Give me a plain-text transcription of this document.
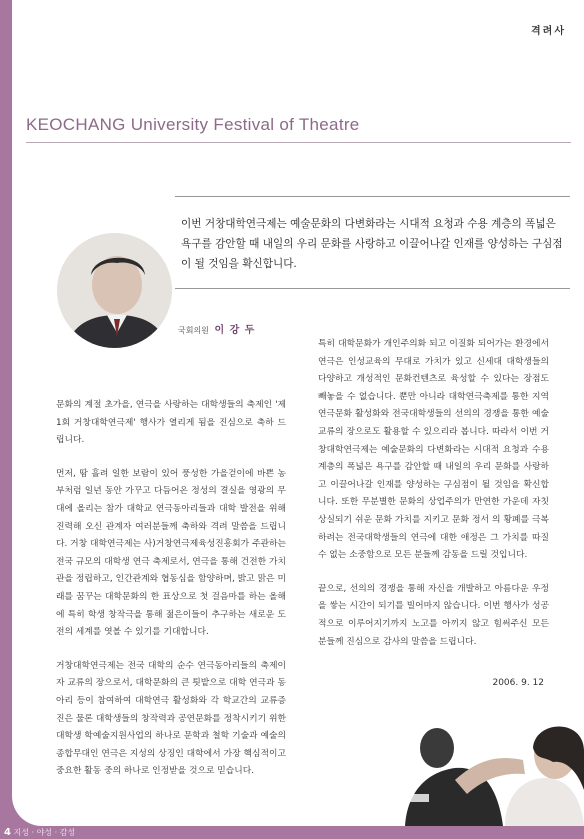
격려사
KEOCHANG University Festival of Theatre
이번 거창대학연극제는 예술문화의 다변화라는 시대적 요청과 수용 계층의 폭넓은 욕구를 감안할 때 내일의 우리 문화를 사랑하고 이끌어나갈 인재를 양성하는 구심점이 될 것임을 확신합니다.
국회의원 이 강 두

특히 대학문화가 개인주의화 되고 이질화 되어가는 환경에서 연극은 인성교육의 무대로 가치가 있고 신세대 대학생들의 다양하고 개성적인 문화컨텐츠로 육성할 수 있다는 장점도 빼놓을 수 없습니다. 뿐만 아니라 대학연극축제를 통한 지역연극문화 활성화와 전국대학생들의 선의의 경쟁을 통한 예술교류의 장으로도 활용할 수 있으리라 봅니다. 따라서 이번 거창대학연극제는 예술문화의 다변화라는 시대적 요청과 수용 계층의 폭넓은 욕구를 감안할 때 내일의 우리 문화를 사랑하고 이끌어나갈 인재를 양성하는 구심점이 될 것임을 확신합니다. 또한 무분별한 문화의 상업주의가 만연한 가운데 자칫 상실되기 쉬운 문화 가치를 지키고 문화 정서 의 황폐를 극복하려는 전국대학생들의 연극에 대한 애정은 그 가치를 따질 수 없는 소중함으로 모든 분들께 감동을 드릴 것입니다.

끝으로, 선의의 경쟁을 통해 자신을 개발하고 아름다운 우정을 쌓는 시간이 되기를 빌어마지 않습니다. 이번 행사가 성공적으로 이루어지기까지 노고를 아끼지 않고 힘써주신 모든 분들께 진심으로 감사의 말씀을 드립니다.

문화의 계절 초가을, 연극을 사랑하는 대학생들의 축제인 '제1회 거창대학연극제' 행사가 열리게 됨을 진심으로 축하 드립니다.

먼저, 땀 흘려 일한 보람이 있어 풍성한 가을걷이에 바쁜 농부처럼 일년 동안 가꾸고 다듬어온 정성의 결실을 영광의 무대에 올리는 참가 대학교 연극동아리들과 대학 발전을 위해 진력해 오신 관계자 여러분들께 축하와 격려 말씀을 드립니다. 거창 대학연극제는 사)거창연극제육성진흥회가 주관하는 전국 규모의 대학생 연극 축제로서, 연극을 통해 건전한 가치관을 정립하고, 인간관계와 협동심을 함양하며, 밝고 맑은 미래를 꿈꾸는 대학문화의 한 표상으로 첫 걸음마를 하는 올해에 특히 학생 창작극을 통해 젊은이들이 추구하는 새로운 도전의 세계를 엿볼 수 있기를 기대합니다.

거창대학연극제는 전국 대학의 순수 연극동아리들의 축제이자 교류의 장으로서, 대학문화의 큰 틧밭으로 대학 연극과 동아리 등이 참여하여 대학연극 활성화와 각 학교간의 교류증진은 물론 대학생들의 창작력과 공연문화를 정착시키기 위한 대학생 학예술지원사업의 하나로 문학과 철학 기술과 예술의 종합무대인 연극은 지성의 상징인 대학에서 가장 핵심적이고 중요한 활동 중의 하나로 인정받을 것으로 믿습니다.

2006. 9. 12
4 지성 · 야성 · 감성
